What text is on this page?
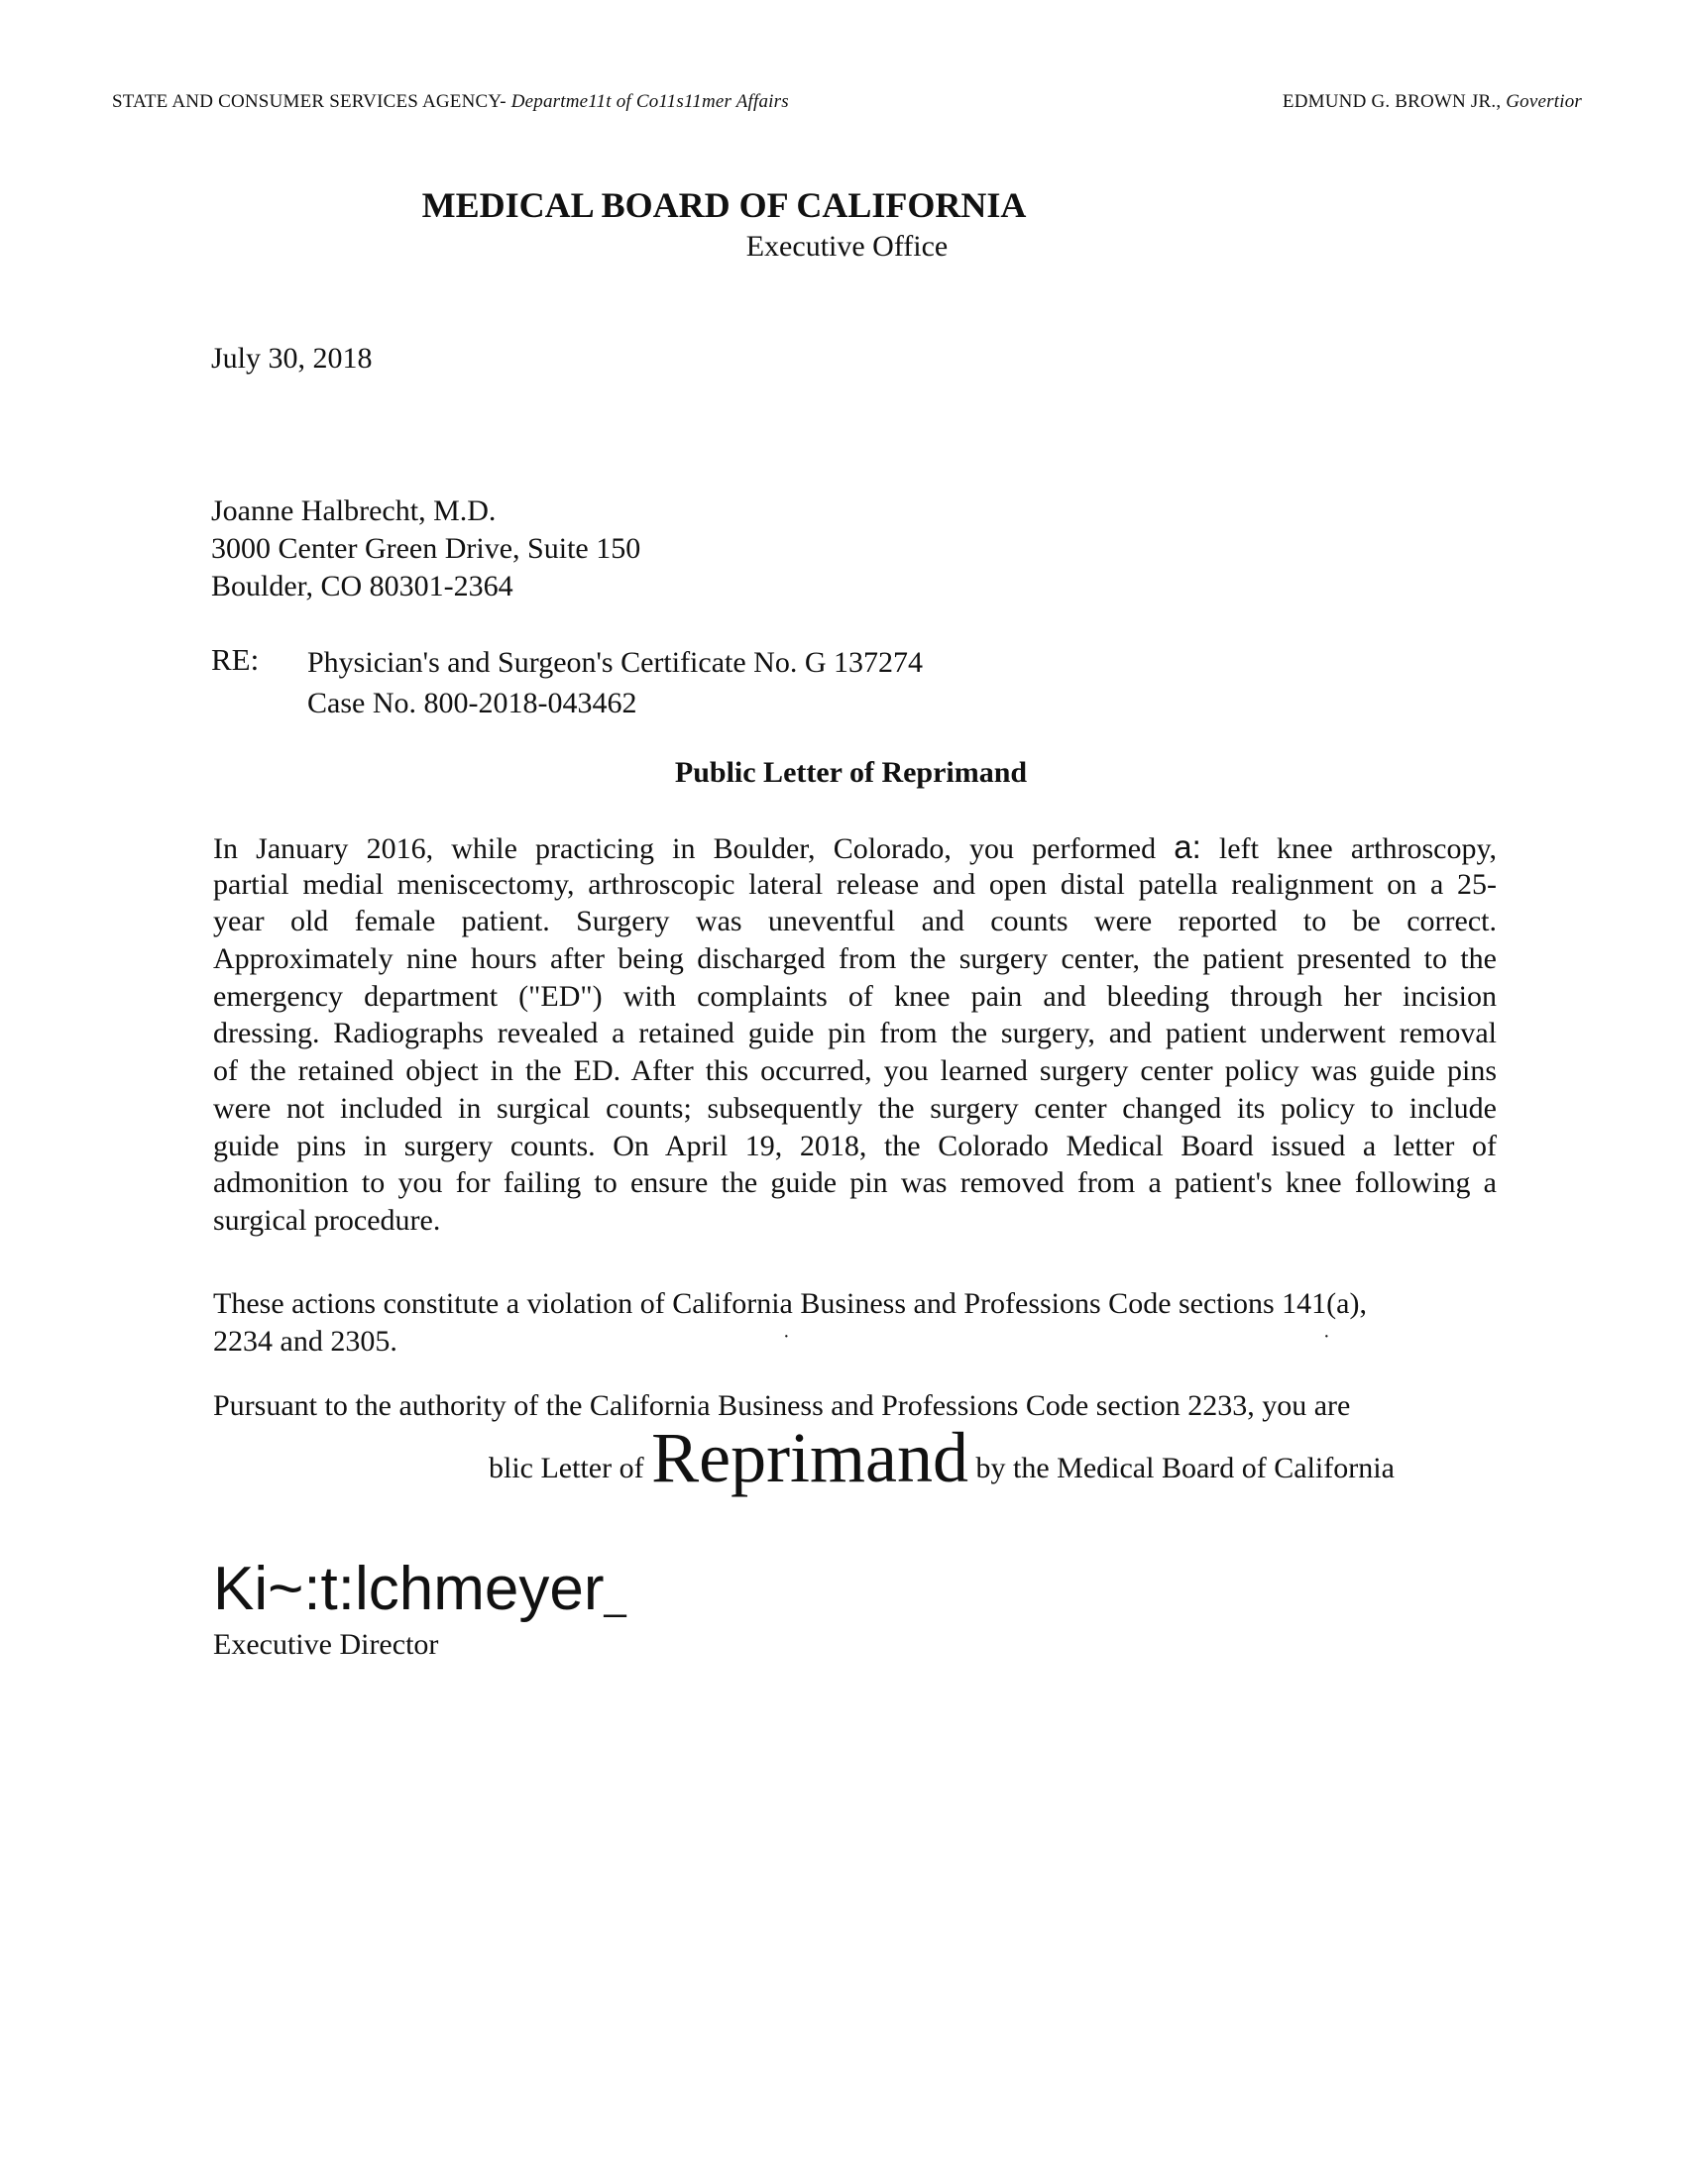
STATE AND CONSUMER SERVICES AGENCY- Departme11t of Co11s11mer Affairs	EDMUND G. BROWN JR., Govertior
MEDICAL BOARD OF CALIFORNIA
Executive Office
July 30, 2018
Joanne Halbrecht, M.D.
3000 Center Green Drive, Suite 150
Boulder, CO 80301-2364
RE: Physician's and Surgeon's Certificate No. G 137274
Case No. 800-2018-043462
Public Letter of Reprimand
In January 2016, while practicing in Boulder, Colorado, you performed a: left knee arthroscopy,
partial medial meniscectomy, arthroscopic lateral release and open distal patella realignment on a 25-
year old female patient. Surgery was uneventful and counts were reported to be correct.
Approximately nine hours after being discharged from the surgery center, the patient presented to the
emergency department ("ED") with complaints of knee pain and bleeding through her incision
dressing. Radiographs revealed a retained guide pin from the surgery, and patient underwent removal
of the retained object in the ED. After this occurred, you learned surgery center policy was guide pins
were not included in surgical counts; subsequently the surgery center changed its policy to include
guide pins in surgery counts. On April 19, 2018, the Colorado Medical Board issued a letter of
admonition to you for failing to ensure the guide pin was removed from a patient's knee following a
surgical procedure.
These actions constitute a violation of California Business and Professions Code sections 141(a),
2234 and 2305.	·	·
Pursuant to the authority of the California Business and Professions Code section 2233, you are
blic Letter of Reprimand by the Medical Board of California
Ki~:t:lchmeyer_
Executive Director
